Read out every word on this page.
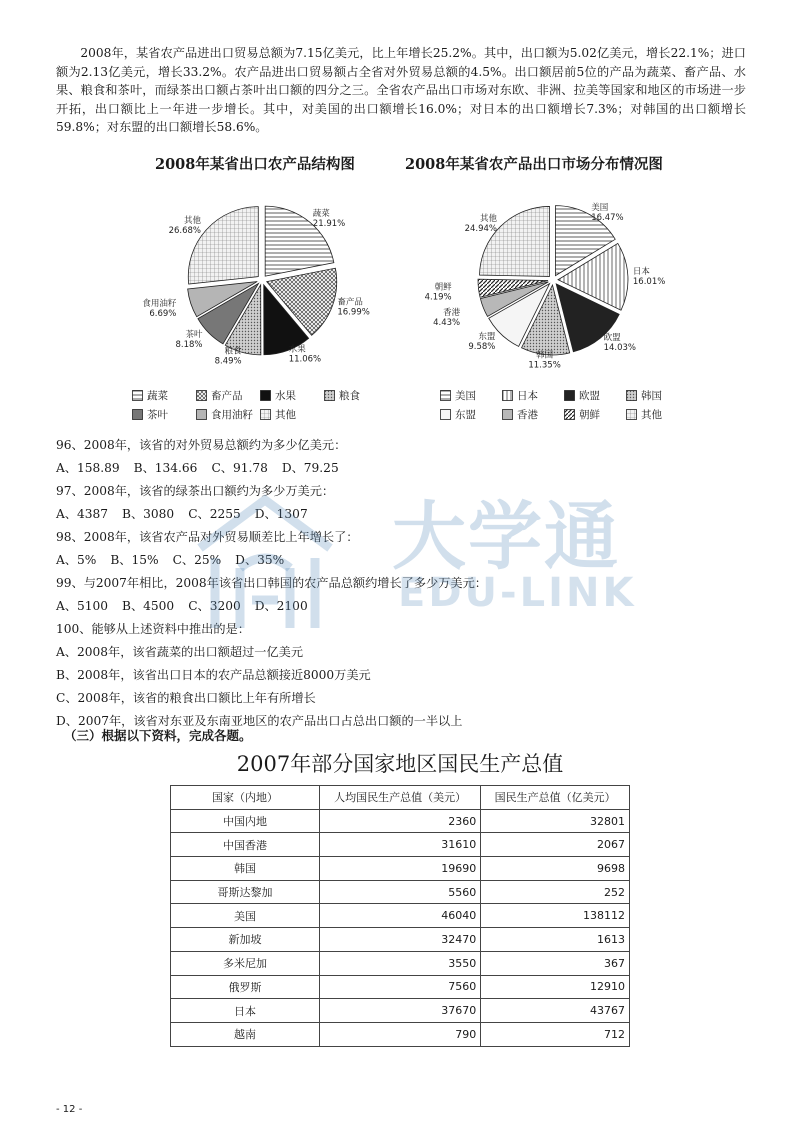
2008年，某省农产品进出口贸易总额为7.15亿美元，比上年增长25.2%。其中，出口额为5.02亿美元，增长22.1%；进口额为2.13亿美元，增长33.2%。农产品进出口贸易额占全省对外贸易总额的4.5%。出口额居前5位的产品为蔬菜、畜产品、水果、粮食和茶叶，而绿茶出口额占茶叶出口额的四分之三。全省农产品出口市场对东欧、非洲、拉美等国家和地区的市场进一步开拓，出口额比上一年进一步增长。其中，对美国的出口额增长16.0%；对日本的出口额增长7.3%；对韩国的出口额增长59.8%；对东盟的出口额增长58.6%。

2008年某省出口农产品结构图	2008年某省农产品出口市场分布情况图
蔬菜
21.91%
畜产品
16.99%
水果
11.06%
粮食
8.49%
茶叶
8.18%
食用油籽
6.69%
其他
26.68%
美国
16.47%
日本
16.01%
欧盟
14.03%
韩国
11.35%
东盟
9.58%
香港
4.43%
朝鲜
4.19%
其他
24.94%
蔬菜	畜产品	水果	粮食
茶叶	食用油籽 其他
美国	日本	欧盟	韩国
东盟	香港	朝鲜	其他

96、2008年，该省的对外贸易总额约为多少亿美元：

A、158.89 B、134.66 C、91.78 D、79.25

97、2008年，该省的绿茶出口额约为多少万美元：

A、4387 B、3080 C、2255 D、1307

98、2008年，该省农产品对外贸易顺差比上年增长了：

A、5% B、15% C、25% D、35%

99、与2007年相比，2008年该省出口韩国的农产品总额约增长了多少万美元：

A、5100 B、4500 C、3200 D、2100

100、能够从上述资料中推出的是：

A、2008年，该省蔬菜的出口额超过一亿美元

B、2008年，该省出口日本的农产品总额接近8000万美元

C、2008年，该省的粮食出口额比上年有所增长

D、2007年，该省对东亚及东南亚地区的农产品出口占总出口额的一半以上

大学通
EDU-LINK
（三）根据以下资料，完成各题。
2007年部分国家地区国民生产总值
国家（内地）	人均国民生产总值（美元）	国民生产总值（亿美元）
中国内地	2360	32801
中国香港	31610	2067
韩国	19690	9698
哥斯达黎加	5560	252
美国	46040	138112
新加坡	32470	1613
多米尼加	3550	367
俄罗斯	7560	12910
日本	37670	43767
越南	790	712
- 12 -
